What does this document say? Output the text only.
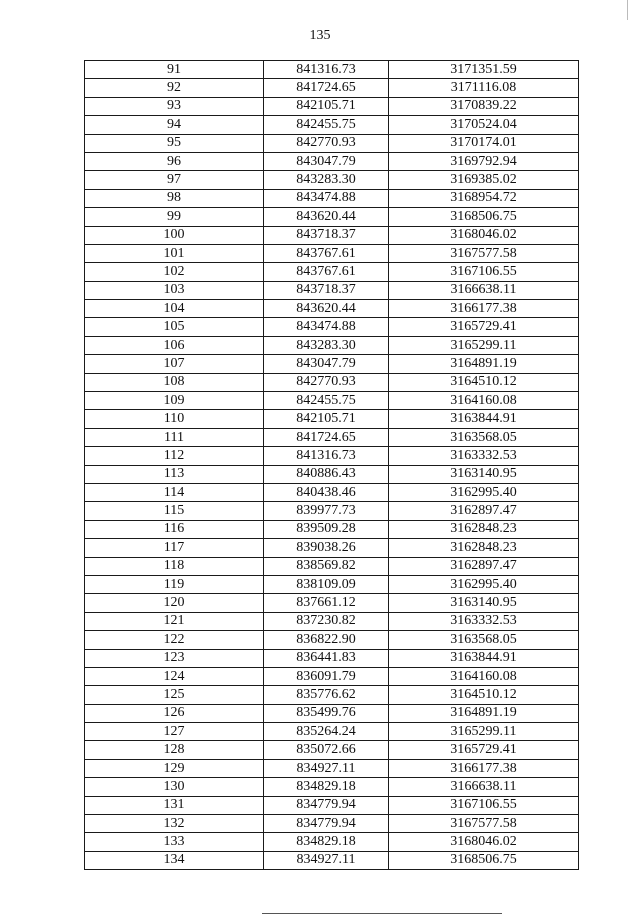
135
91	841316.73	3171351.59
92	841724.65	3171116.08
93	842105.71	3170839.22
94	842455.75	3170524.04
95	842770.93	3170174.01
96	843047.79	3169792.94
97	843283.30	3169385.02
98	843474.88	3168954.72
99	843620.44	3168506.75
100	843718.37	3168046.02
101	843767.61	3167577.58
102	843767.61	3167106.55
103	843718.37	3166638.11
104	843620.44	3166177.38
105	843474.88	3165729.41
106	843283.30	3165299.11
107	843047.79	3164891.19
108	842770.93	3164510.12
109	842455.75	3164160.08
110	842105.71	3163844.91
111	841724.65	3163568.05
112	841316.73	3163332.53
113	840886.43	3163140.95
114	840438.46	3162995.40
115	839977.73	3162897.47
116	839509.28	3162848.23
117	839038.26	3162848.23
118	838569.82	3162897.47
119	838109.09	3162995.40
120	837661.12	3163140.95
121	837230.82	3163332.53
122	836822.90	3163568.05
123	836441.83	3163844.91
124	836091.79	3164160.08
125	835776.62	3164510.12
126	835499.76	3164891.19
127	835264.24	3165299.11
128	835072.66	3165729.41
129	834927.11	3166177.38
130	834829.18	3166638.11
131	834779.94	3167106.55
132	834779.94	3167577.58
133	834829.18	3168046.02
134	834927.11	3168506.75
